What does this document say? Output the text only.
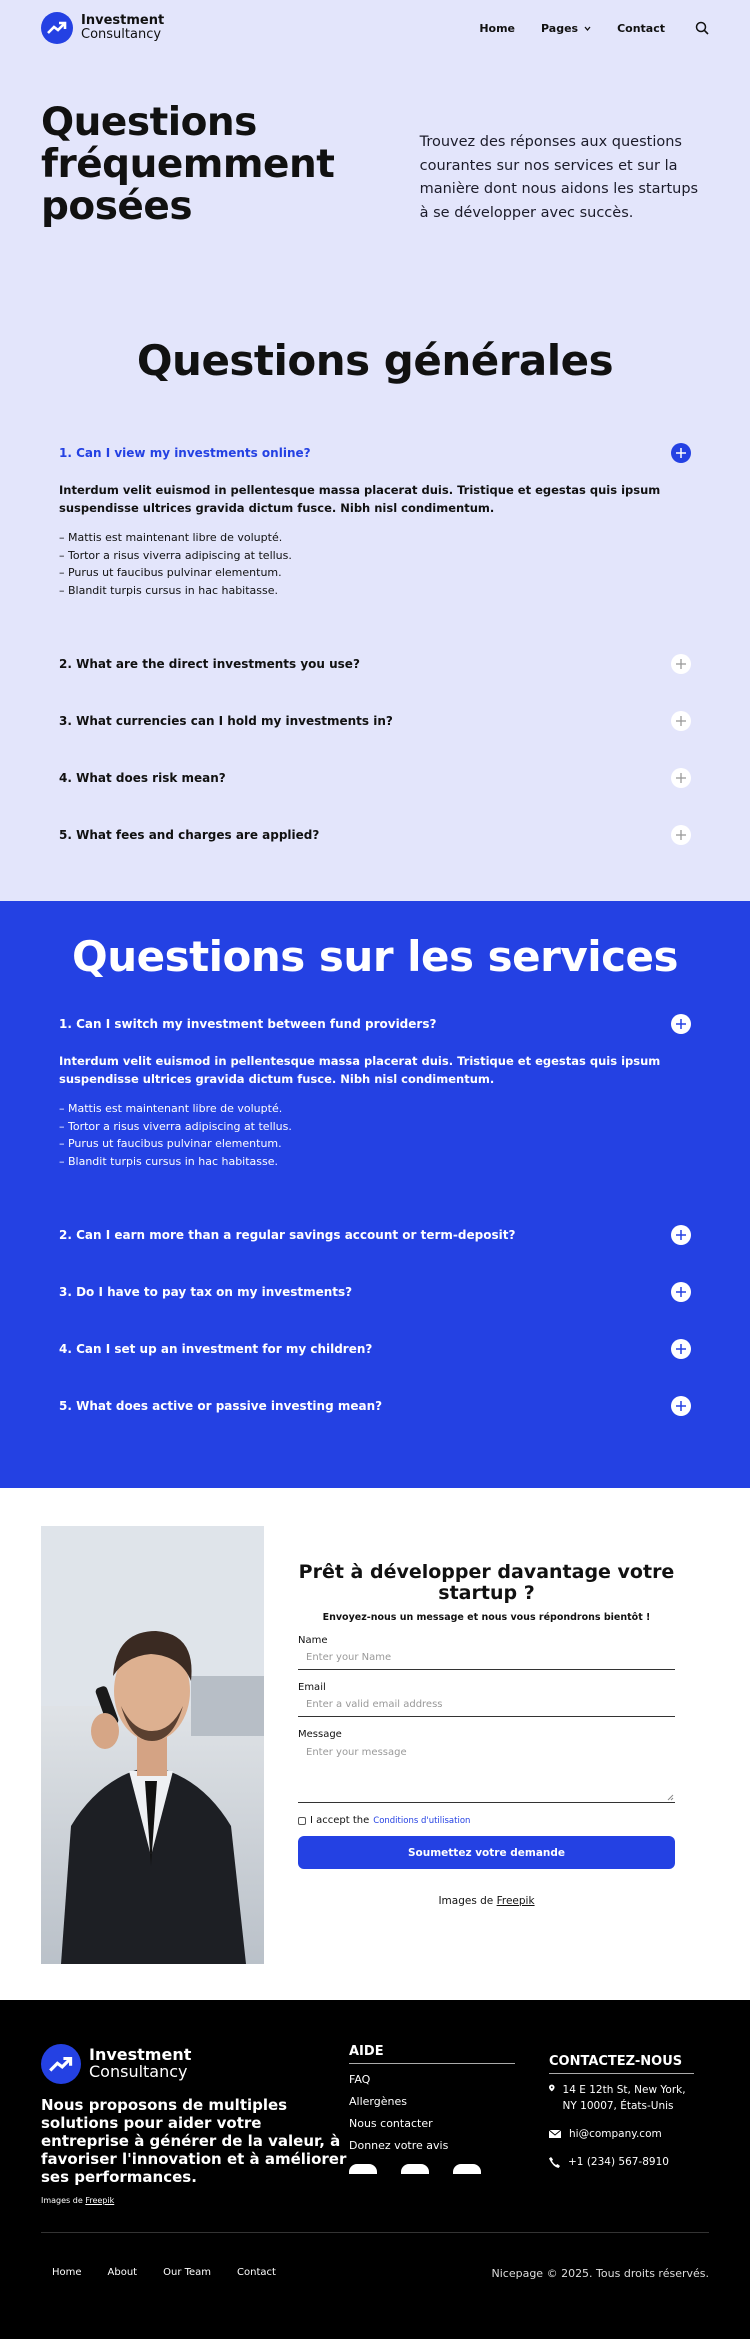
Investment
Consultancy	Home Pages	Contact
Questions fréquemment posées

Trouvez des réponses aux questions courantes sur nos services et sur la manière dont nous aidons les startups à se développer avec succès.

Questions générales
1. Can I view my investments online?

Interdum velit euismod in pellentesque massa placerat duis. Tristique et egestas quis ipsum suspendisse ultrices gravida dictum fusce. Nibh nisl condimentum.

– Mattis est maintenant libre de volupté.
– Tortor a risus viverra adipiscing at tellus.
– Purus ut faucibus pulvinar elementum.
– Blandit turpis cursus in hac habitasse.
2. What are the direct investments you use?
3. What currencies can I hold my investments in?
4. What does risk mean?
5. What fees and charges are applied?
Questions sur les services
1. Can I switch my investment between fund providers?

Interdum velit euismod in pellentesque massa placerat duis. Tristique et egestas quis ipsum suspendisse ultrices gravida dictum fusce. Nibh nisl condimentum.

– Mattis est maintenant libre de volupté.
– Tortor a risus viverra adipiscing at tellus.
– Purus ut faucibus pulvinar elementum.
– Blandit turpis cursus in hac habitasse.
2. Can I earn more than a regular savings account or term-deposit?
3. Do I have to pay tax on my investments?
4. Can I set up an investment for my children?
5. What does active or passive investing mean?
Prêt à développer davantage votre startup ?

Envoyez-nous un message et nous vous répondrons bientôt !

Name
Enter your Name
Email
Enter a valid email address
Message
Enter your message
I accept the Conditions d'utilisation
Soumettez votre demande
Images de Freepik
Investment
Consultancy

Nous proposons de multiples solutions pour aider votre entreprise à générer de la valeur, à favoriser l'innovation et à améliorer ses performances.

Images de Freepik

AIDE
FAQ
Allergènes
Nous contacter
Donnez votre avis
CONTACTEZ-NOUS
14 E 12th St, New York, NY 10007, États-Unis
hi@company.com
+1 (234) 567-8910
Home	About	Our Team	Contact	Nicepage © 2025. Tous droits réservés.
